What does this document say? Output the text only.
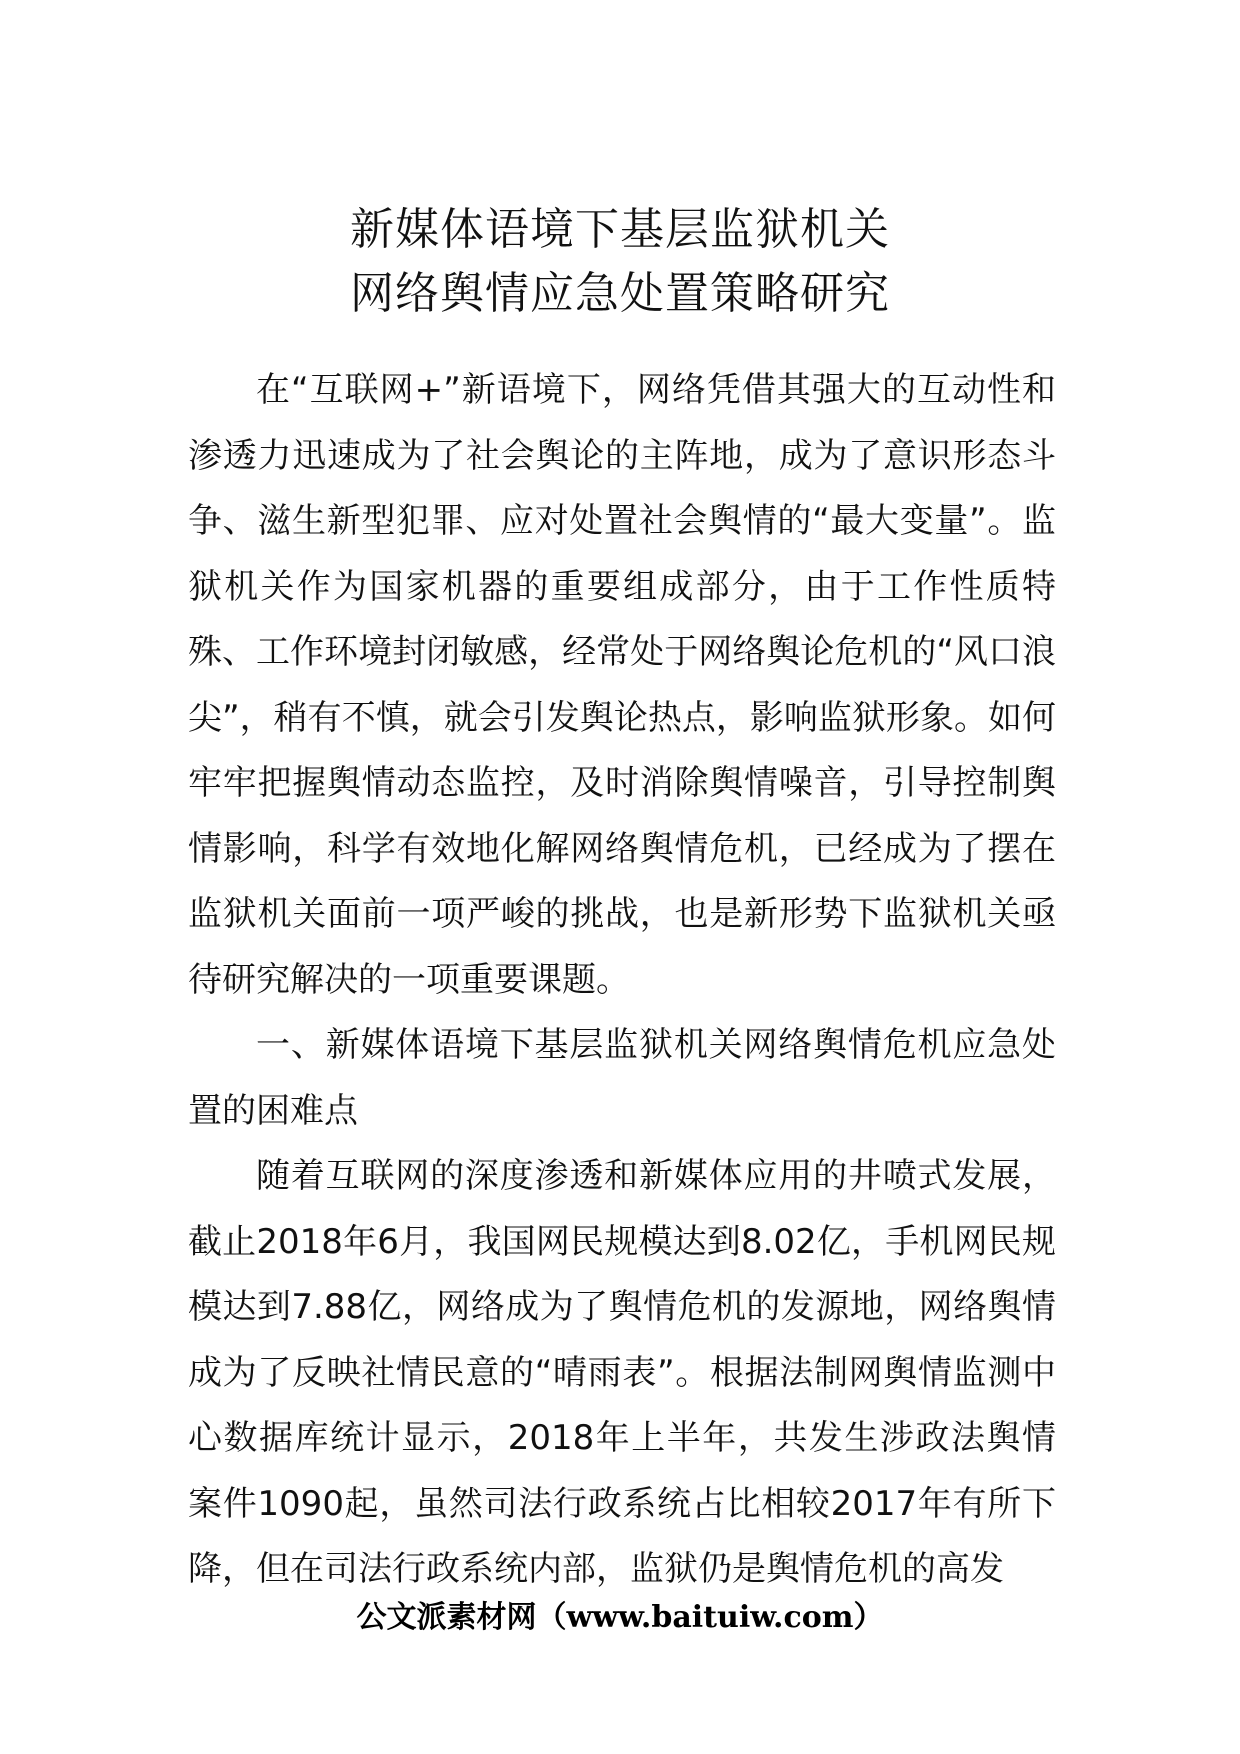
新媒体语境下基层监狱机关
网络舆情应急处置策略研究

在“互联网+”新语境下，网络凭借其强大的互动性和渗透力迅速成为了社会舆论的主阵地，成为了意识形态斗争、滋生新型犯罪、应对处置社会舆情的“最大变量”。监狱机关作为国家机器的重要组成部分，由于工作性质特殊、工作环境封闭敏感，经常处于网络舆论危机的“风口浪尖”，稍有不慎，就会引发舆论热点，影响监狱形象。如何牢牢把握舆情动态监控，及时消除舆情噪音，引导控制舆情影响，科学有效地化解网络舆情危机，已经成为了摆在监狱机关面前一项严峻的挑战，也是新形势下监狱机关亟待研究解决的一项重要课题。

一、新媒体语境下基层监狱机关网络舆情危机应急处置的困难点

随着互联网的深度渗透和新媒体应用的井喷式发展，截止2018年6月，我国网民规模达到8.02亿，手机网民规模达到7.88亿，网络成为了舆情危机的发源地，网络舆情成为了反映社情民意的“晴雨表”。根据法制网舆情监测中心数据库统计显示，2018年上半年，共发生涉政法舆情案件1090起，虽然司法行政系统占比相较2017年有所下降，但在司法行政系统内部，监狱仍是舆情危机的高发

公文派素材网（www.baituiw.com）
